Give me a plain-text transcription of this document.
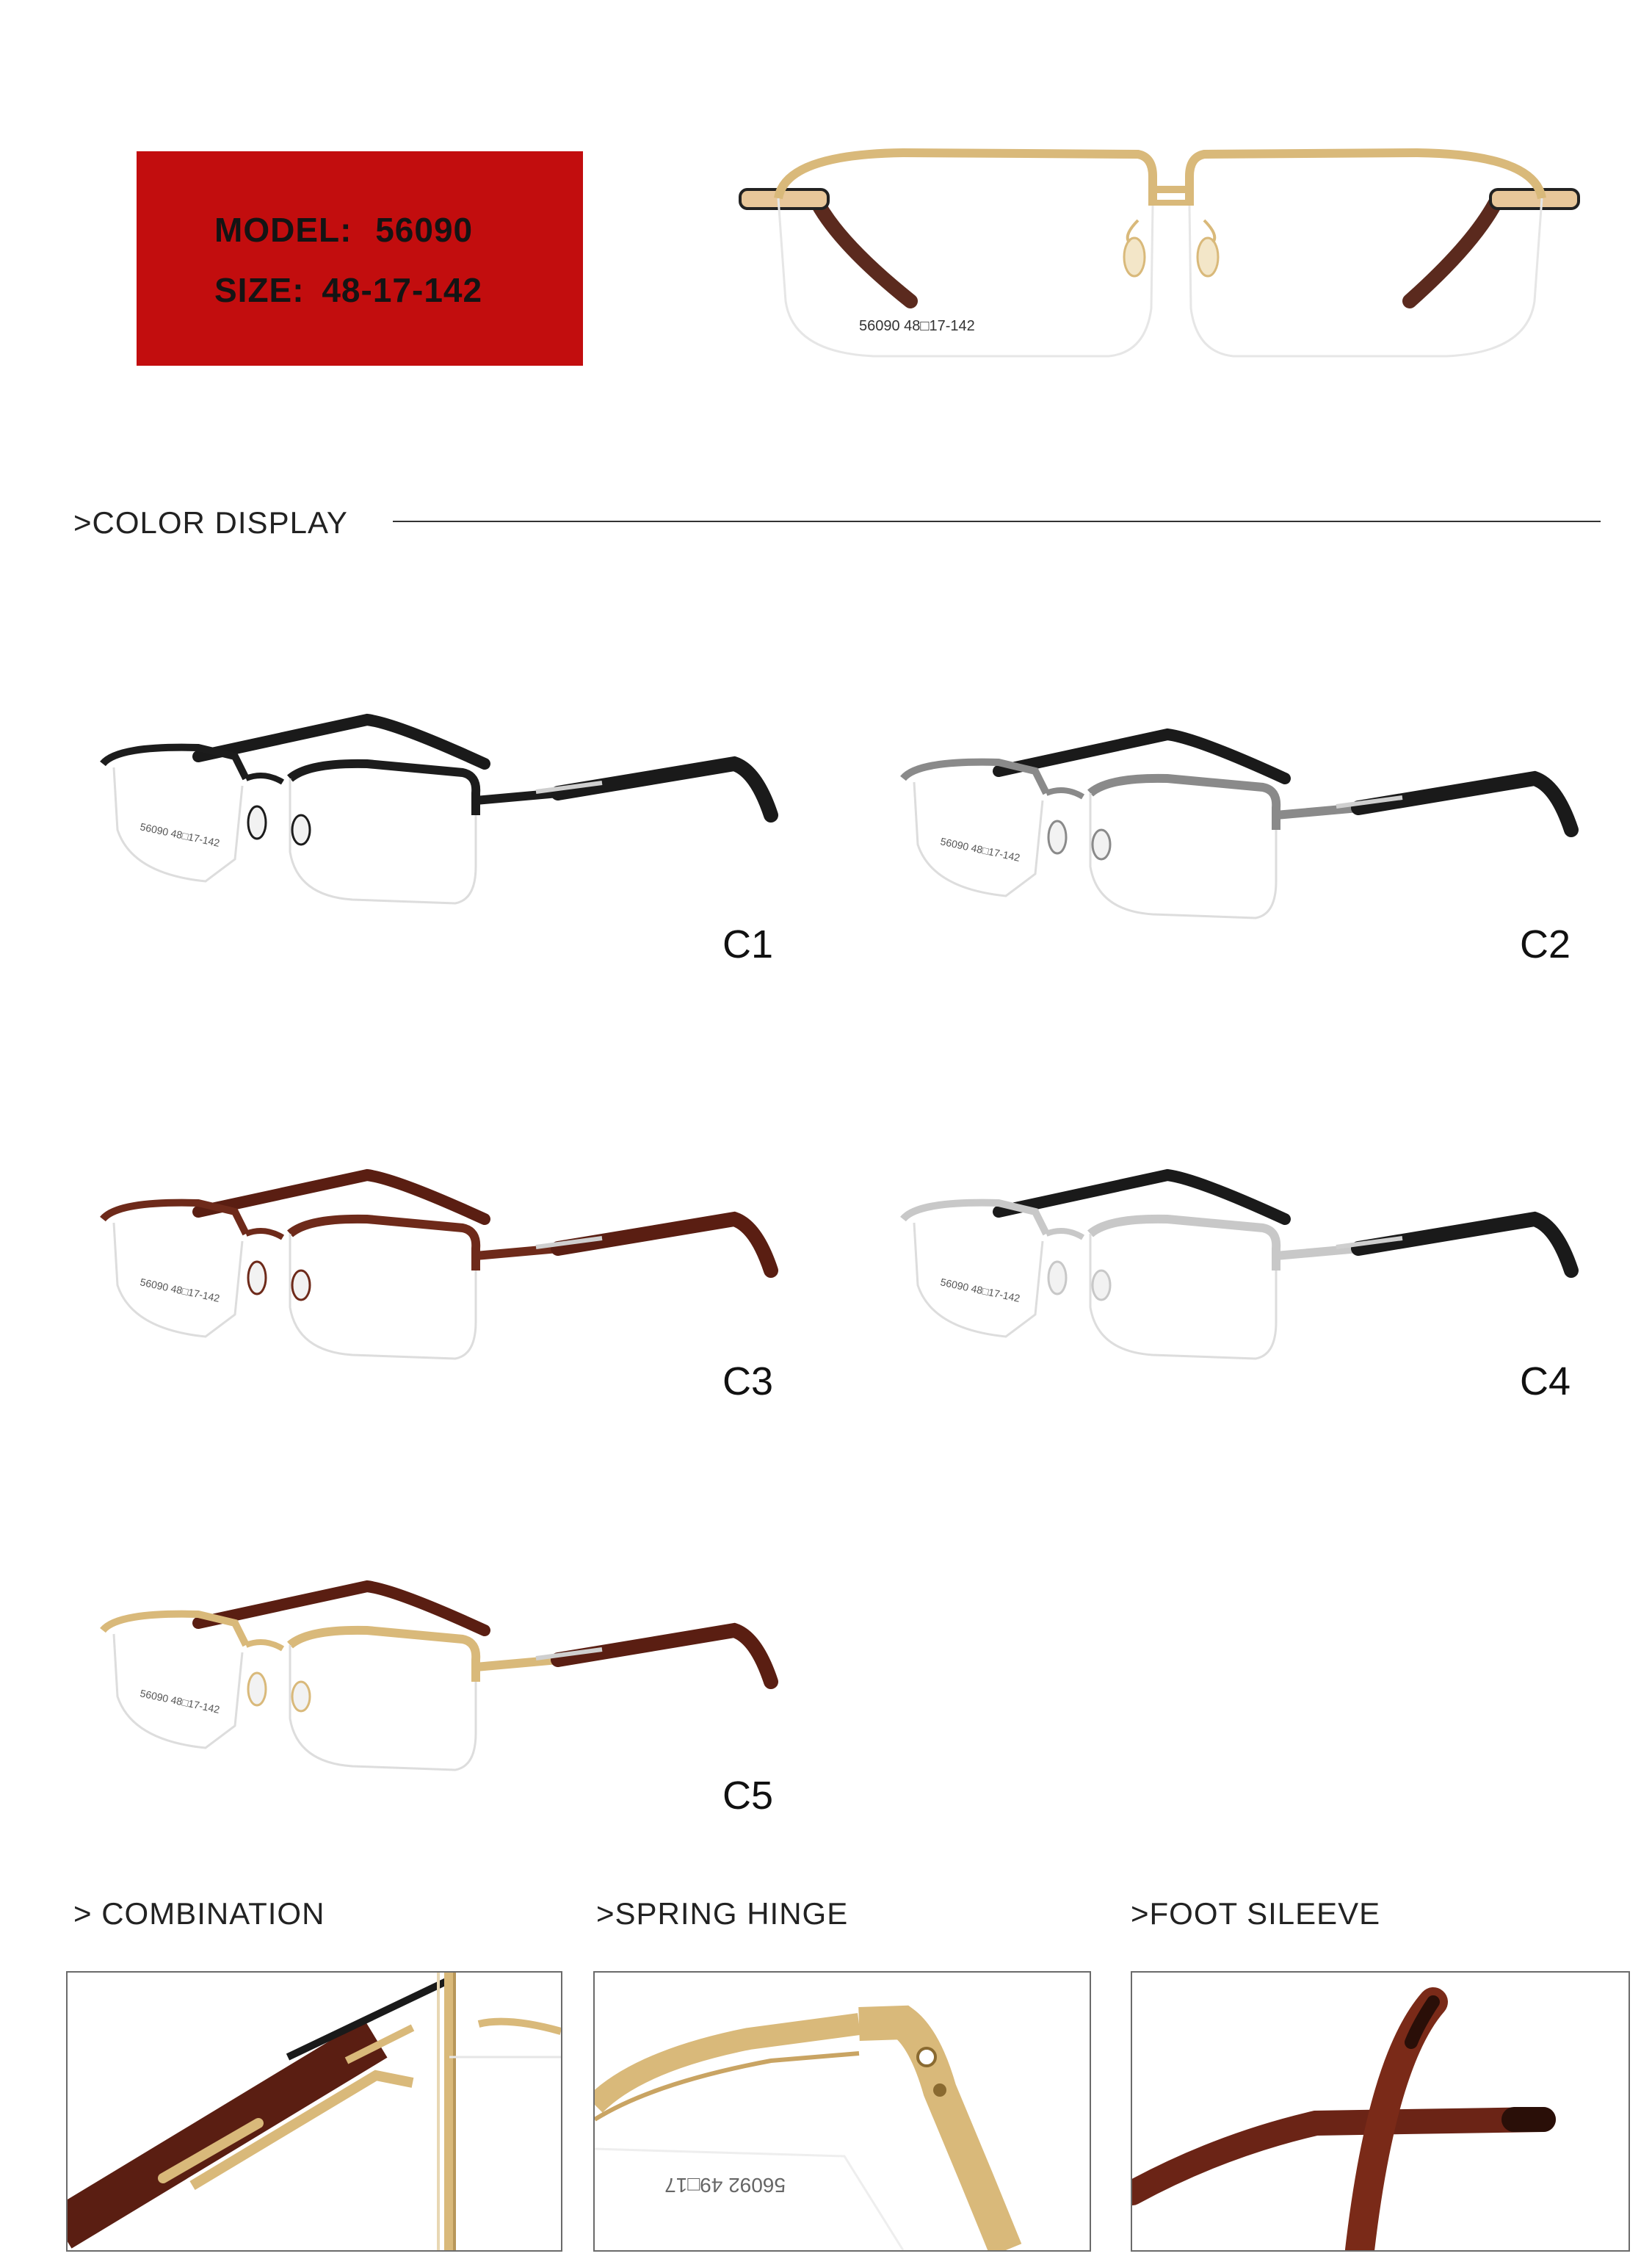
MODEL: 56090
SIZE: 48-17-142
56090 48□17-142
>COLOR DISPLAY
56090 48□17-142
56090 48□17-142
56090 48□17-142	56090 48□17-142
56090 48□17-142
C1	C2
C3	C4
C5
> COMBINATION	>SPRING HINGE	>FOOT SILEEVE
56092 49□17
